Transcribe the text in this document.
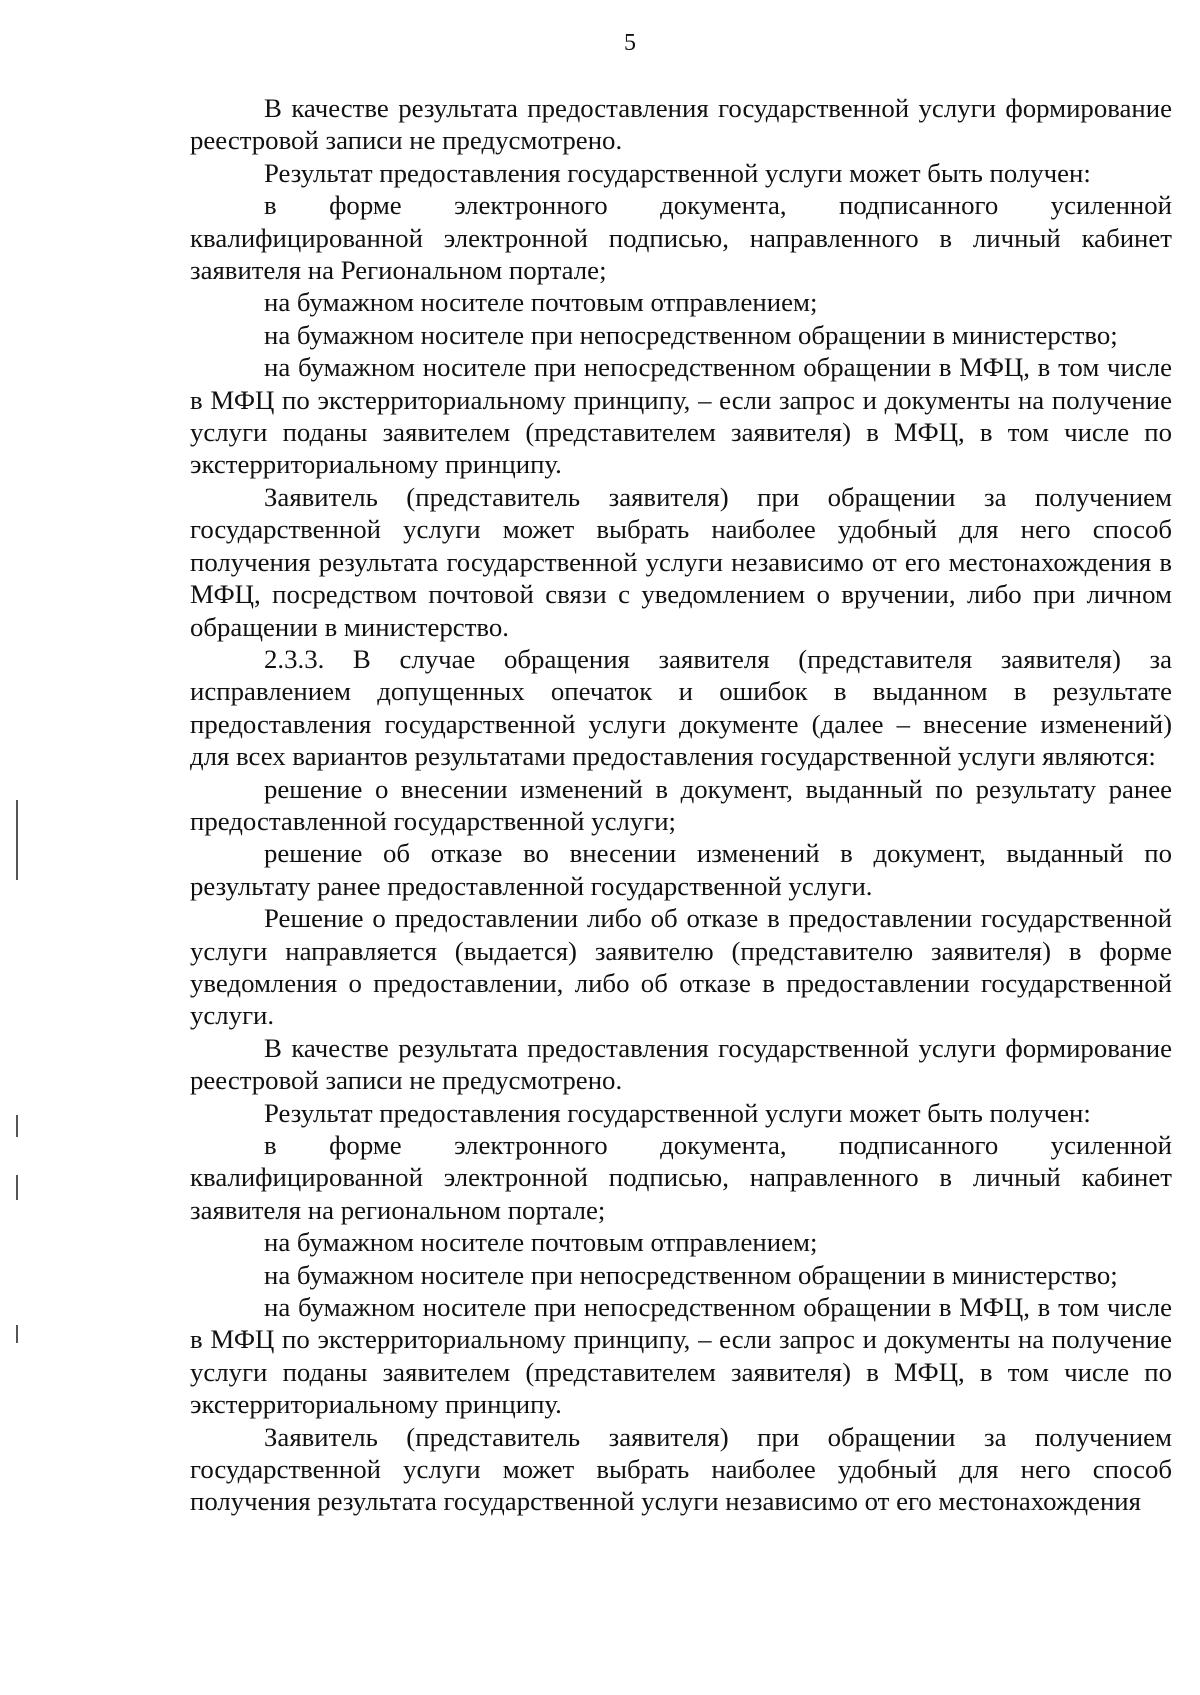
5

В качестве результата предоставления государственной услуги формирование реестровой записи не предусмотрено.

Результат предоставления государственной услуги может быть получен:

в форме электронного документа, подписанного усиленной квалифицированной электронной подписью, направленного в личный кабинет заявителя на Региональном портале;

на бумажном носителе почтовым отправлением;

на бумажном носителе при непосредственном обращении в министерство;

на бумажном носителе при непосредственном обращении в МФЦ, в том числе в МФЦ по экстерриториальному принципу, – если запрос и документы на получение услуги поданы заявителем (представителем заявителя) в МФЦ, в том числе по экстерриториальному принципу.

Заявитель (представитель заявителя) при обращении за получением государственной услуги может выбрать наиболее удобный для него способ получения результата государственной услуги независимо от его местонахождения в МФЦ, посредством почтовой связи с уведомлением о вручении, либо при личном обращении в министерство.

2.3.3. В случае обращения заявителя (представителя заявителя) за исправлением допущенных опечаток и ошибок в выданном в результате предоставления государственной услуги документе (далее – внесение изменений) для всех вариантов результатами предоставления государственной услуги являются:

решение о внесении изменений в документ, выданный по результату ранее предоставленной государственной услуги;

решение об отказе во внесении изменений в документ, выданный по результату ранее предоставленной государственной услуги.

Решение о предоставлении либо об отказе в предоставлении государственной услуги направляется (выдается) заявителю (представителю заявителя) в форме уведомления о предоставлении, либо об отказе в предоставлении государственной услуги.

В качестве результата предоставления государственной услуги формирование реестровой записи не предусмотрено.

Результат предоставления государственной услуги может быть получен:

в форме электронного документа, подписанного усиленной квалифицированной электронной подписью, направленного в личный кабинет заявителя на региональном портале;

на бумажном носителе почтовым отправлением;

на бумажном носителе при непосредственном обращении в министерство;

на бумажном носителе при непосредственном обращении в МФЦ, в том числе в МФЦ по экстерриториальному принципу, – если запрос и документы на получение услуги поданы заявителем (представителем заявителя) в МФЦ, в том числе по экстерриториальному принципу.

Заявитель (представитель заявителя) при обращении за получением государственной услуги может выбрать наиболее удобный для него способ получения результата государственной услуги независимо от его местонахождения
